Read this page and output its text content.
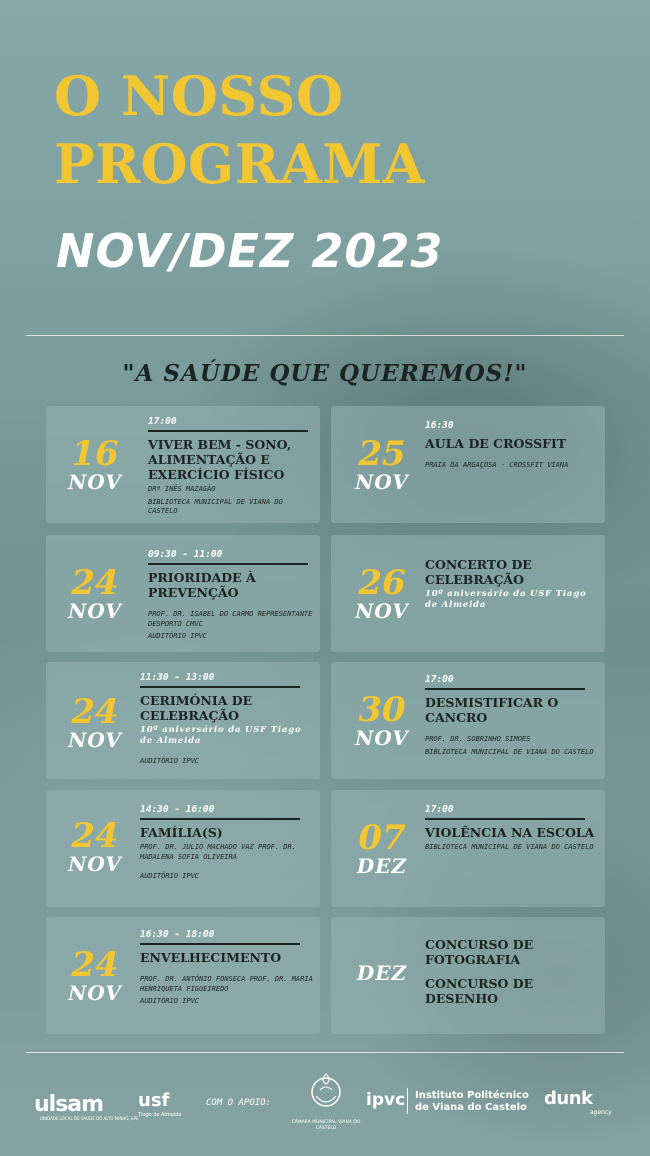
O NOSSO
PROGRAMA
NOV/DEZ 2023
"A SAÚDE QUE QUEREMOS!"
16
NOV
17:00
VIVER BEM - SONO, ALIMENTAÇÃO E EXERCÍCIO FÍSICO
DRª INÊS MAZAGÃO
BIBLIOTECA MUNICIPAL DE VIANA DO CASTELO
24
NOV
09:30 - 11:00
PRIORIDADE À PREVENÇÃO
PROF. DR. ISABEL DO CARMO REPRESENTANTE DESPORTO CMVC
AUDITÓRIO IPVC
24
NOV
11:30 - 13:00
CERIMÓNIA DE CELEBRAÇÃO
10º aniversário da USF Tiago de Almeida
AUDITÓRIO IPVC
24
NOV
14:30 - 16:00
FAMÍLIA(S)
PROF. DR. JULIO MACHADO VAZ PROF. DR. MADALENA SOFIA OLIVEIRA
AUDITÓRIO IPVC
24
NOV
16:30 - 18:00
ENVELHECIMENTO
PROF. DR. ANTÓNIO FONSECA PROF. DR. MARIA HENRIQUETA FIGUEIREDO
AUDITÓRIO IPVC
25
NOV
16:30
AULA DE CROSSFIT
PRAIA DA ARGAÇOSA - CROSSFIT VIANA
26
NOV
CONCERTO DE CELEBRAÇÃO
10º aniversário da USF Tiago de Almeida
30
NOV
17:00
DESMISTIFICAR O CANCRO
PROF. DR. SOBRINHO SIMOES
BIBLIOTECA MUNICIPAL DE VIANA DO CASTELO
07
DEZ
17:00
VIOLÊNCIA NA ESCOLA
BIBLIOTECA MUNICIPAL DE VIANA DO CASTELO
DEZ
CONCURSO DE FOTOGRAFIA
CONCURSO DE DESENHO
ulsam
UNIDADE LOCAL DE SAÚDE DO ALTO MINHO, EPE
usf
Tiago de Almeida
COM O APOIO:
CÂMARA MUNICIPAL VIANA DO CASTELO
ipvc Instituto Politécnico
de Viana do Castelo dunk
agency
